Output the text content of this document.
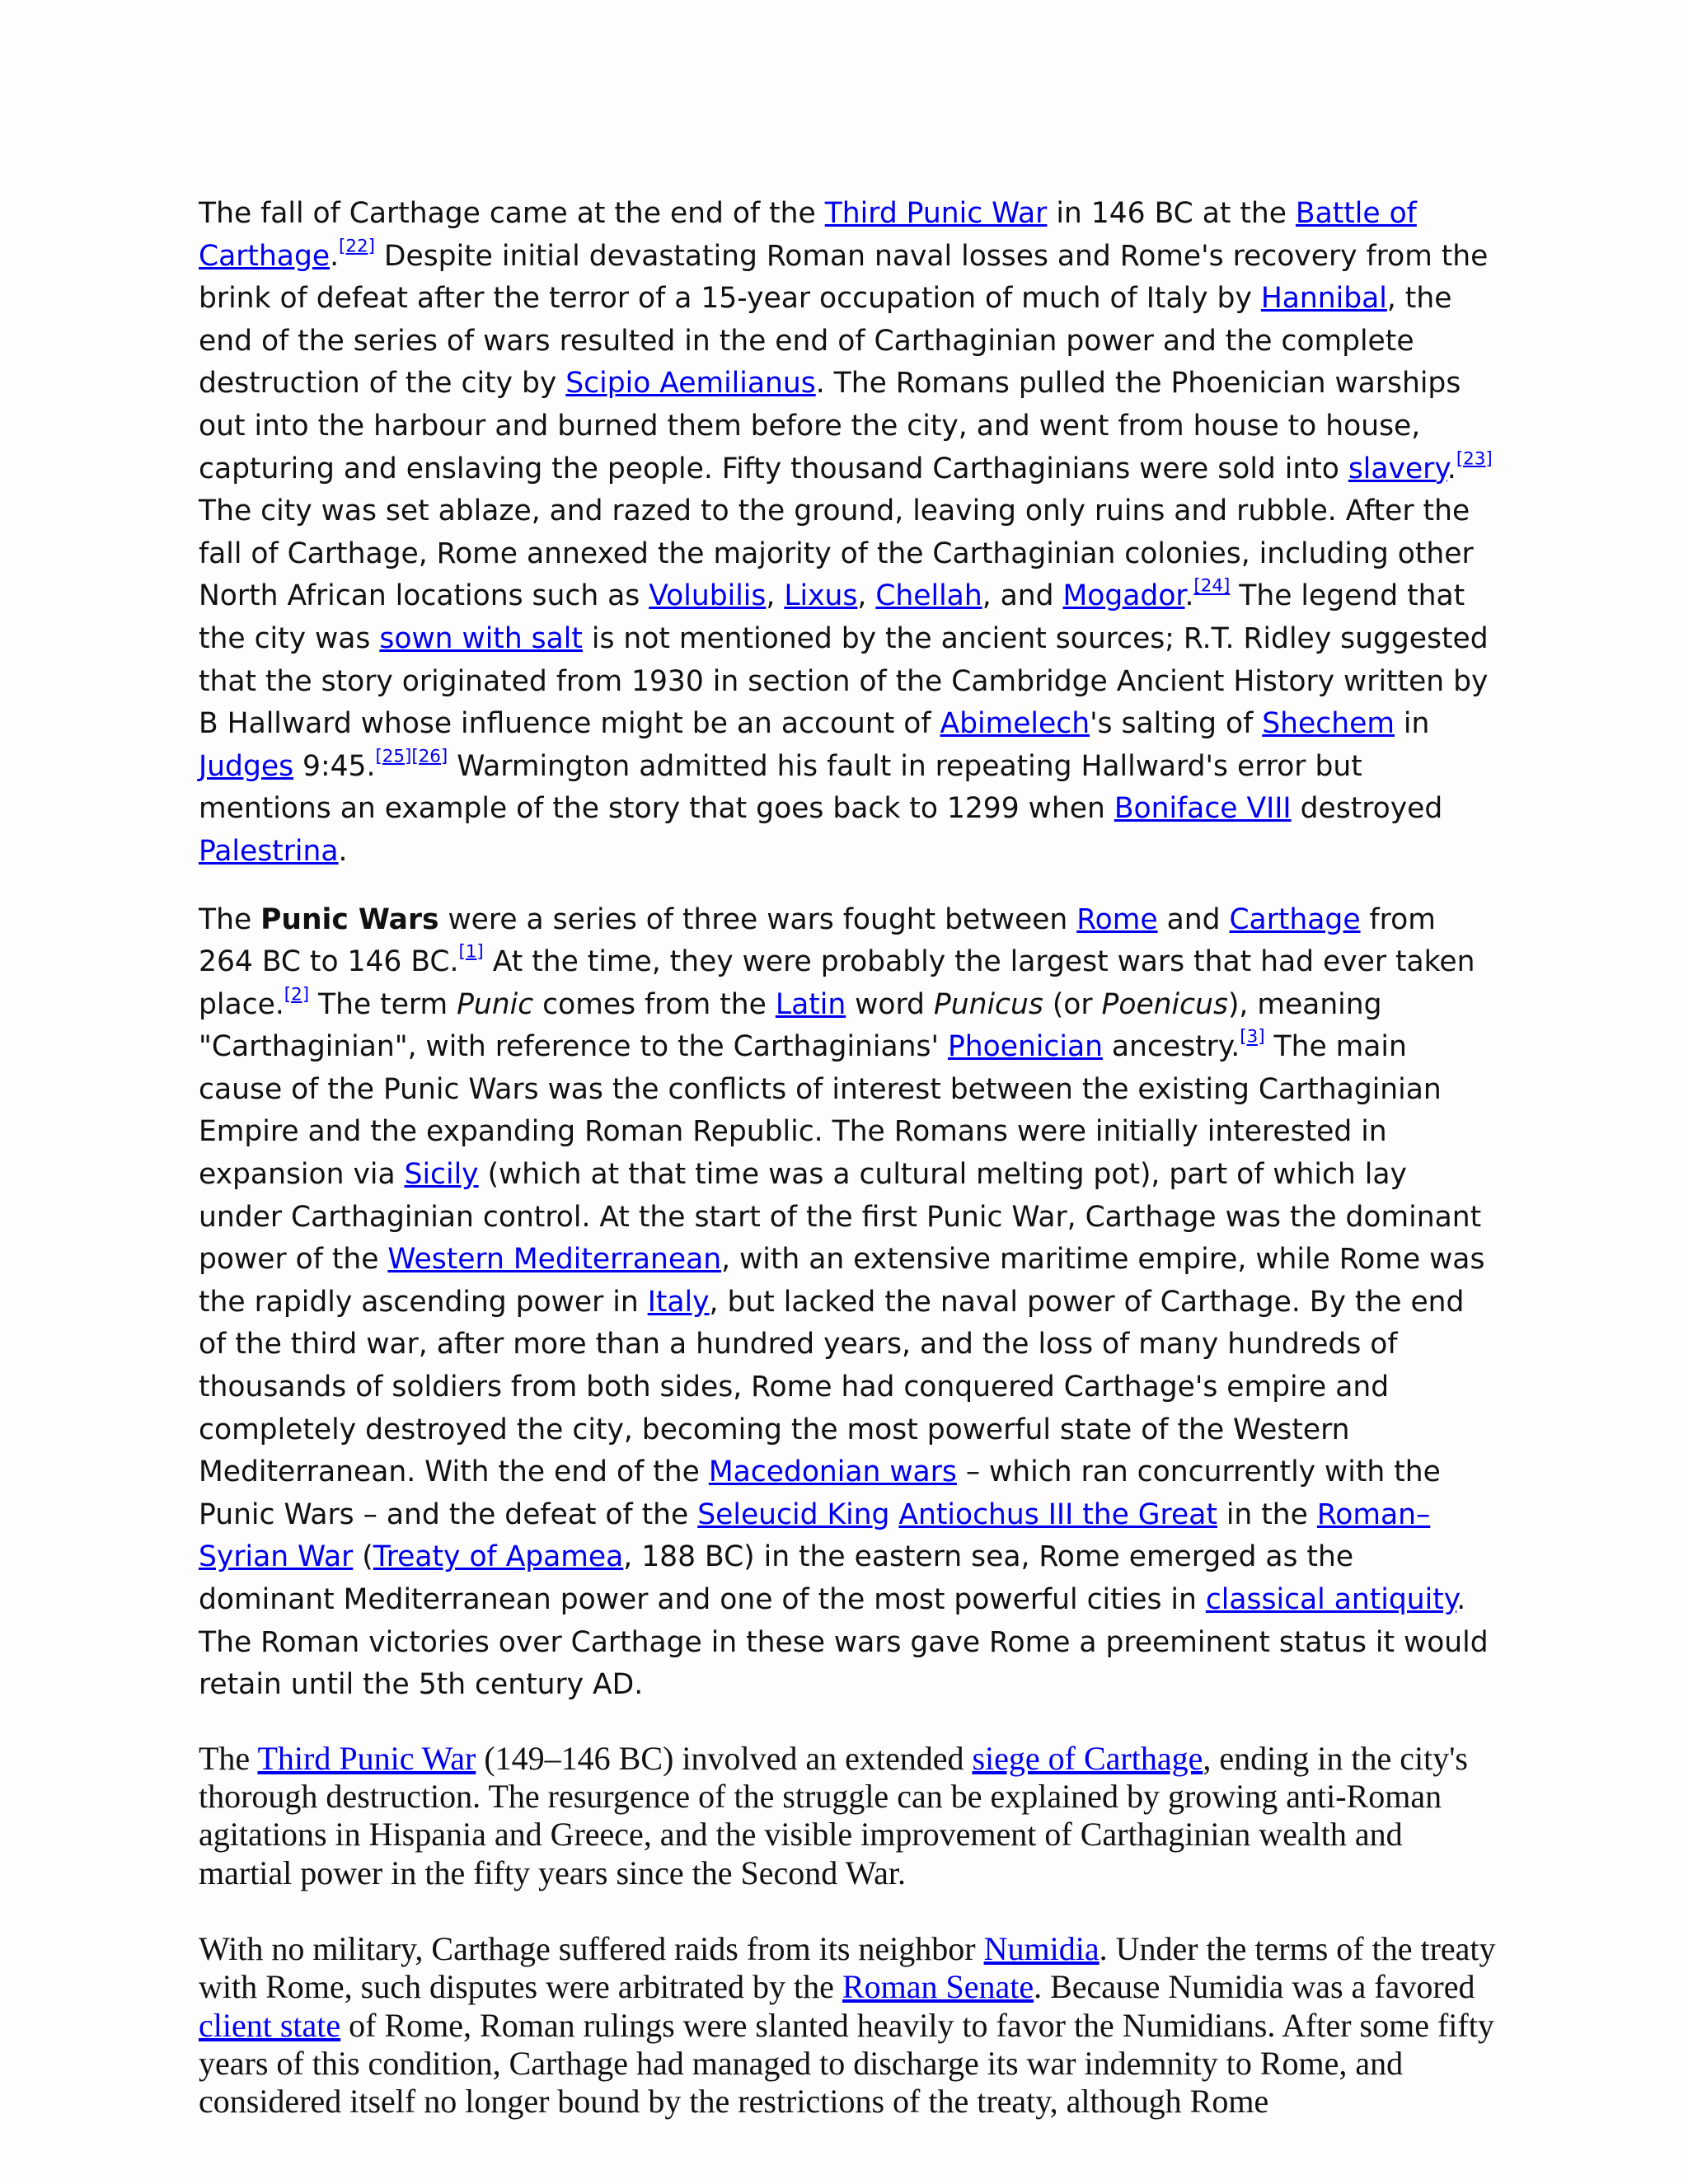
The fall of Carthage came at the end of the Third Punic War in 146 BC at the Battle of Carthage.[22] Despite initial devastating Roman naval losses and Rome's recovery from the brink of defeat after the terror of a 15-year occupation of much of Italy by Hannibal, the end of the series of wars resulted in the end of Carthaginian power and the complete destruction of the city by Scipio Aemilianus. The Romans pulled the Phoenician warships out into the harbour and burned them before the city, and went from house to house, capturing and enslaving the people. Fifty thousand Carthaginians were sold into slavery.[23] The city was set ablaze, and razed to the ground, leaving only ruins and rubble. After the fall of Carthage, Rome annexed the majority of the Carthaginian colonies, including other North African locations such as Volubilis, Lixus, Chellah, and Mogador.[24] The legend that the city was sown with salt is not mentioned by the ancient sources; R.T. Ridley suggested that the story originated from 1930 in section of the Cambridge Ancient History written by B Hallward whose influence might be an account of Abimelech's salting of Shechem in Judges 9:45.[25][26] Warmington admitted his fault in repeating Hallward's error but mentions an example of the story that goes back to 1299 when Boniface VIII destroyed Palestrina.

The Punic Wars were a series of three wars fought between Rome and Carthage from 264 BC to 146 BC.[1] At the time, they were probably the largest wars that had ever taken place.[2] The term Punic comes from the Latin word Punicus (or Poenicus), meaning "Carthaginian", with reference to the Carthaginians' Phoenician ancestry.[3] The main cause of the Punic Wars was the conflicts of interest between the existing Carthaginian Empire and the expanding Roman Republic. The Romans were initially interested in expansion via Sicily (which at that time was a cultural melting pot), part of which lay under Carthaginian control. At the start of the first Punic War, Carthage was the dominant power of the Western Mediterranean, with an extensive maritime empire, while Rome was the rapidly ascending power in Italy, but lacked the naval power of Carthage. By the end of the third war, after more than a hundred years, and the loss of many hundreds of thousands of soldiers from both sides, Rome had conquered Carthage's empire and completely destroyed the city, becoming the most powerful state of the Western Mediterranean. With the end of the Macedonian wars – which ran concurrently with the Punic Wars – and the defeat of the Seleucid King Antiochus III the Great in the Roman–Syrian War (Treaty of Apamea, 188 BC) in the eastern sea, Rome emerged as the dominant Mediterranean power and one of the most powerful cities in classical antiquity. The Roman victories over Carthage in these wars gave Rome a preeminent status it would retain until the 5th century AD.

The Third Punic War (149–146 BC) involved an extended siege of Carthage, ending in the city's thorough destruction. The resurgence of the struggle can be explained by growing anti-Roman agitations in Hispania and Greece, and the visible improvement of Carthaginian wealth and martial power in the fifty years since the Second War.

With no military, Carthage suffered raids from its neighbor Numidia. Under the terms of the treaty with Rome, such disputes were arbitrated by the Roman Senate. Because Numidia was a favored client state of Rome, Roman rulings were slanted heavily to favor the Numidians. After some fifty years of this condition, Carthage had managed to discharge its war indemnity to Rome, and considered itself no longer bound by the restrictions of the treaty, although Rome
